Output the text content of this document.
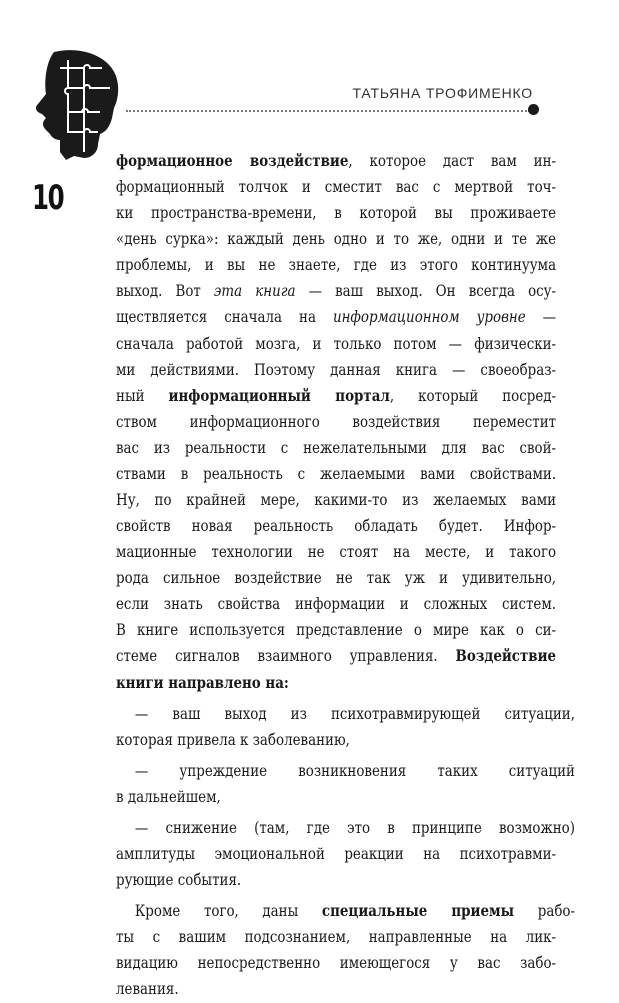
ТАТЬЯНА ТРОФИМЕНКО
10
формационное воздействие, которое даст вам ин-
формационный толчок и сместит вас с мертвой точ-
ки пространства-времени, в которой вы проживаете
«день сурка»: каждый день одно и то же, одни и те же
проблемы, и вы не знаете, где из этого континуума
выход. Вот эта книга — ваш выход. Он всегда осу-
ществляется сначала на информационном уровне —
сначала работой мозга, и только потом — физически-
ми действиями. Поэтому данная книга — своеобраз-
ный информационный портал, который посред-
ством информационного воздействия переместит
вас из реальности с нежелательными для вас свой-
ствами в реальность с желаемыми вами свойствами.
Ну, по крайней мере, какими-то из желаемых вами
свойств новая реальность обладать будет. Инфор-
мационные технологии не стоят на месте, и такого
рода сильное воздействие не так уж и удивительно,
если знать свойства информации и сложных систем.
В книге используется представление о мире как о си-
стеме сигналов взаимного управления. Воздействие
книги направлено на:
— ваш выход из психотравмирующей ситуации,
которая привела к заболеванию,
— упреждение возникновения таких ситуаций
в дальнейшем,
— снижение (там, где это в принципе возможно)
амплитуды эмоциональной реакции на психотравми-
рующие события.
Кроме того, даны специальные приемы рабо-
ты с вашим подсознанием, направленные на лик-
видацию непосредственно имеющегося у вас забо-
левания.
